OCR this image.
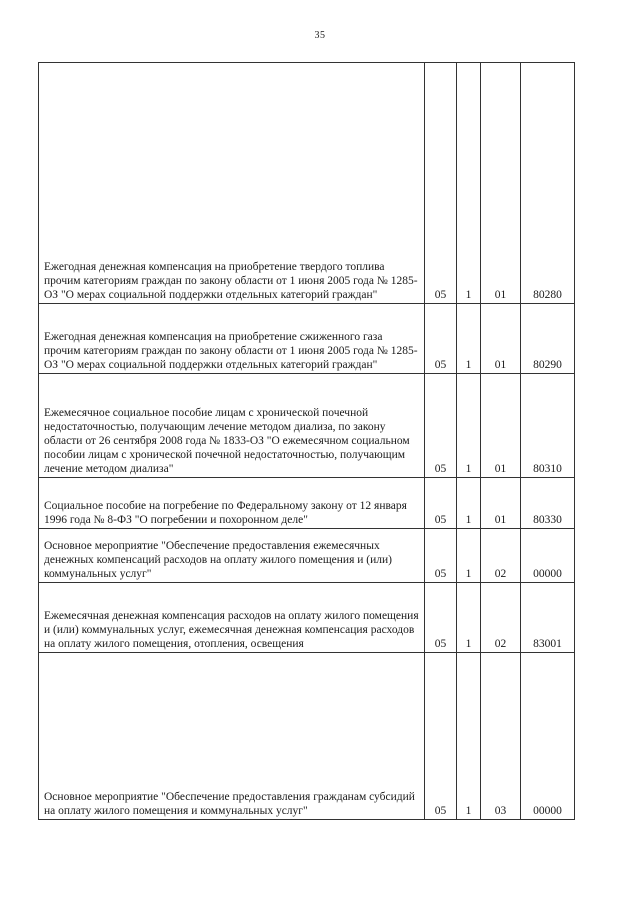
35
Ежегодная денежная компенсация на приобретение твердого топлива прочим категориям граждан по закону области от 1 июня 2005 года № 1285-ОЗ "О мерах социальной поддержки отдельных категорий граждан"	05	1	01	80280
Ежегодная денежная компенсация на приобретение сжиженного газа прочим категориям граждан по закону области от 1 июня 2005 года № 1285-ОЗ "О мерах социальной поддержки отдельных категорий граждан"	05	1	01	80290
Ежемесячное социальное пособие лицам с хронической почечной недостаточностью, получающим лечение методом диализа, по закону области от 26 сентября 2008 года № 1833-ОЗ "О ежемесячном социальном пособии лицам с хронической почечной недостаточностью, получающим лечение методом диализа"	05	1	01	80310
Социальное пособие на погребение по Федеральному закону от 12 января 1996 года № 8-ФЗ "О погребении и похоронном деле"	05	1	01	80330
Основное мероприятие "Обеспечение предоставления ежемесячных денежных компенсаций расходов на оплату жилого помещения и (или) коммунальных услуг"	05	1	02	00000
Ежемесячная денежная компенсация расходов на оплату жилого помещения и (или) коммунальных услуг, ежемесячная денежная компенсация расходов на оплату жилого помещения, отопления, освещения	05	1	02	83001
Основное мероприятие "Обеспечение предоставления гражданам субсидий на оплату жилого помещения и коммунальных услуг"	05	1	03	00000
